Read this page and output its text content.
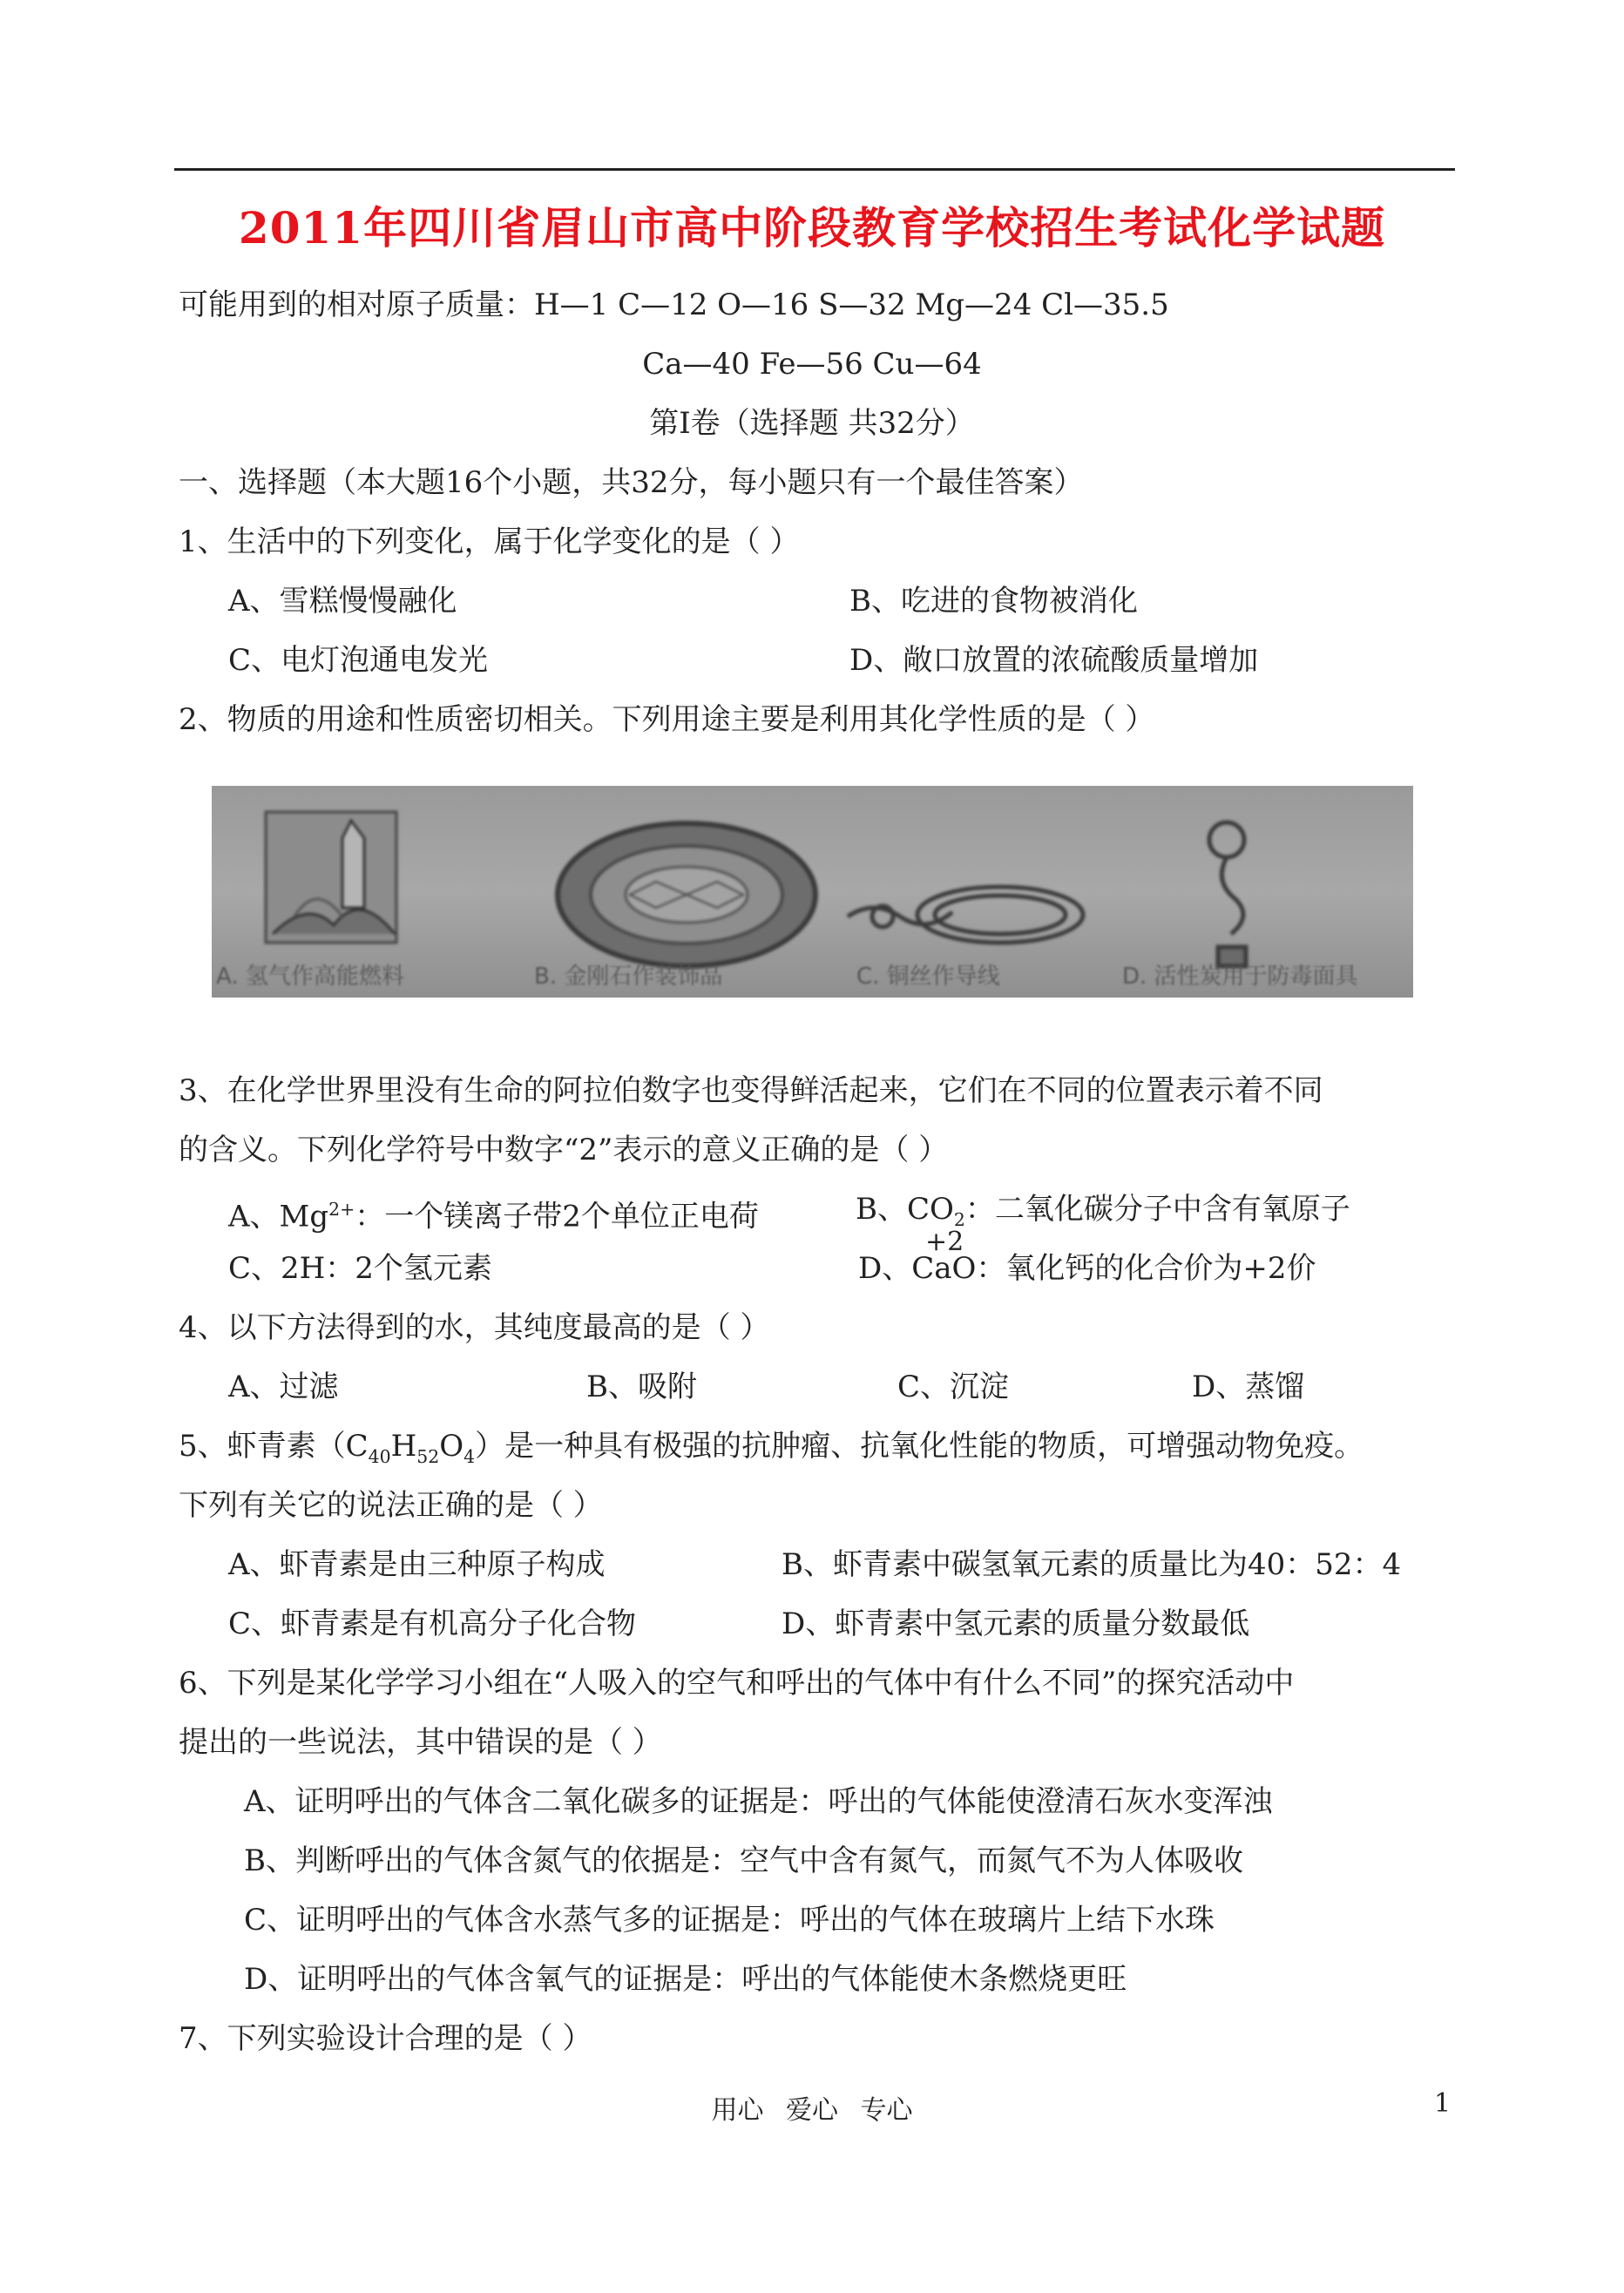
2011年四川省眉山市高中阶段教育学校招生考试化学试题
可能用到的相对原子质量：H—1 C—12 O—16 S—32 Mg—24 Cl—35.5
Ca—40 Fe—56 Cu—64
第Ⅰ卷（选择题 共32分）
一、选择题（本大题16个小题，共32分，每小题只有一个最佳答案）
1、生活中的下列变化，属于化学变化的是（ ）
A、雪糕慢慢融化	B、吃进的食物被消化
C、电灯泡通电发光	D、敞口放置的浓硫酸质量增加
2、物质的用途和性质密切相关。下列用途主要是利用其化学性质的是（ ）
A. 氢气作高能燃料	B. 金刚石作装饰品	C. 铜丝作导线	D. 活性炭用于防毒面具
3、在化学世界里没有生命的阿拉伯数字也变得鲜活起来，它们在不同的位置表示着不同
的含义。下列化学符号中数字“2”表示的意义正确的是（ ）
A、$Mg^{2+}$：一个镁离子带2个单位正电荷	B、$CO_2$：二氧化碳分子中含有氧原子
+2
C、2H：2个氢元素	D、CaO：氧化钙的化合价为+2价
4、以下方法得到的水，其纯度最高的是（ ）
A、过滤	B、吸附	C、沉淀	D、蒸馏
5、虾青素$(C_{40}H_{52}O_4)$是一种具有极强的抗肿瘤、抗氧化性能的物质，可增强动物免疫。
下列有关它的说法正确的是（ ）
A、虾青素是由三种原子构成	B、虾青素中碳氢氧元素的质量比为40：52：4
C、虾青素是有机高分子化合物	D、虾青素中氢元素的质量分数最低
6、下列是某化学学习小组在“人吸入的空气和呼出的气体中有什么不同”的探究活动中
提出的一些说法，其中错误的是（ ）
A、证明呼出的气体含二氧化碳多的证据是：呼出的气体能使澄清石灰水变浑浊
B、判断呼出的气体含氮气的依据是：空气中含有氮气，而氮气不为人体吸收
C、证明呼出的气体含水蒸气多的证据是：呼出的气体在玻璃片上结下水珠
D、证明呼出的气体含氧气的证据是：呼出的气体能使木条燃烧更旺
7、下列实验设计合理的是（ ）
用心 爱心 专心	1
